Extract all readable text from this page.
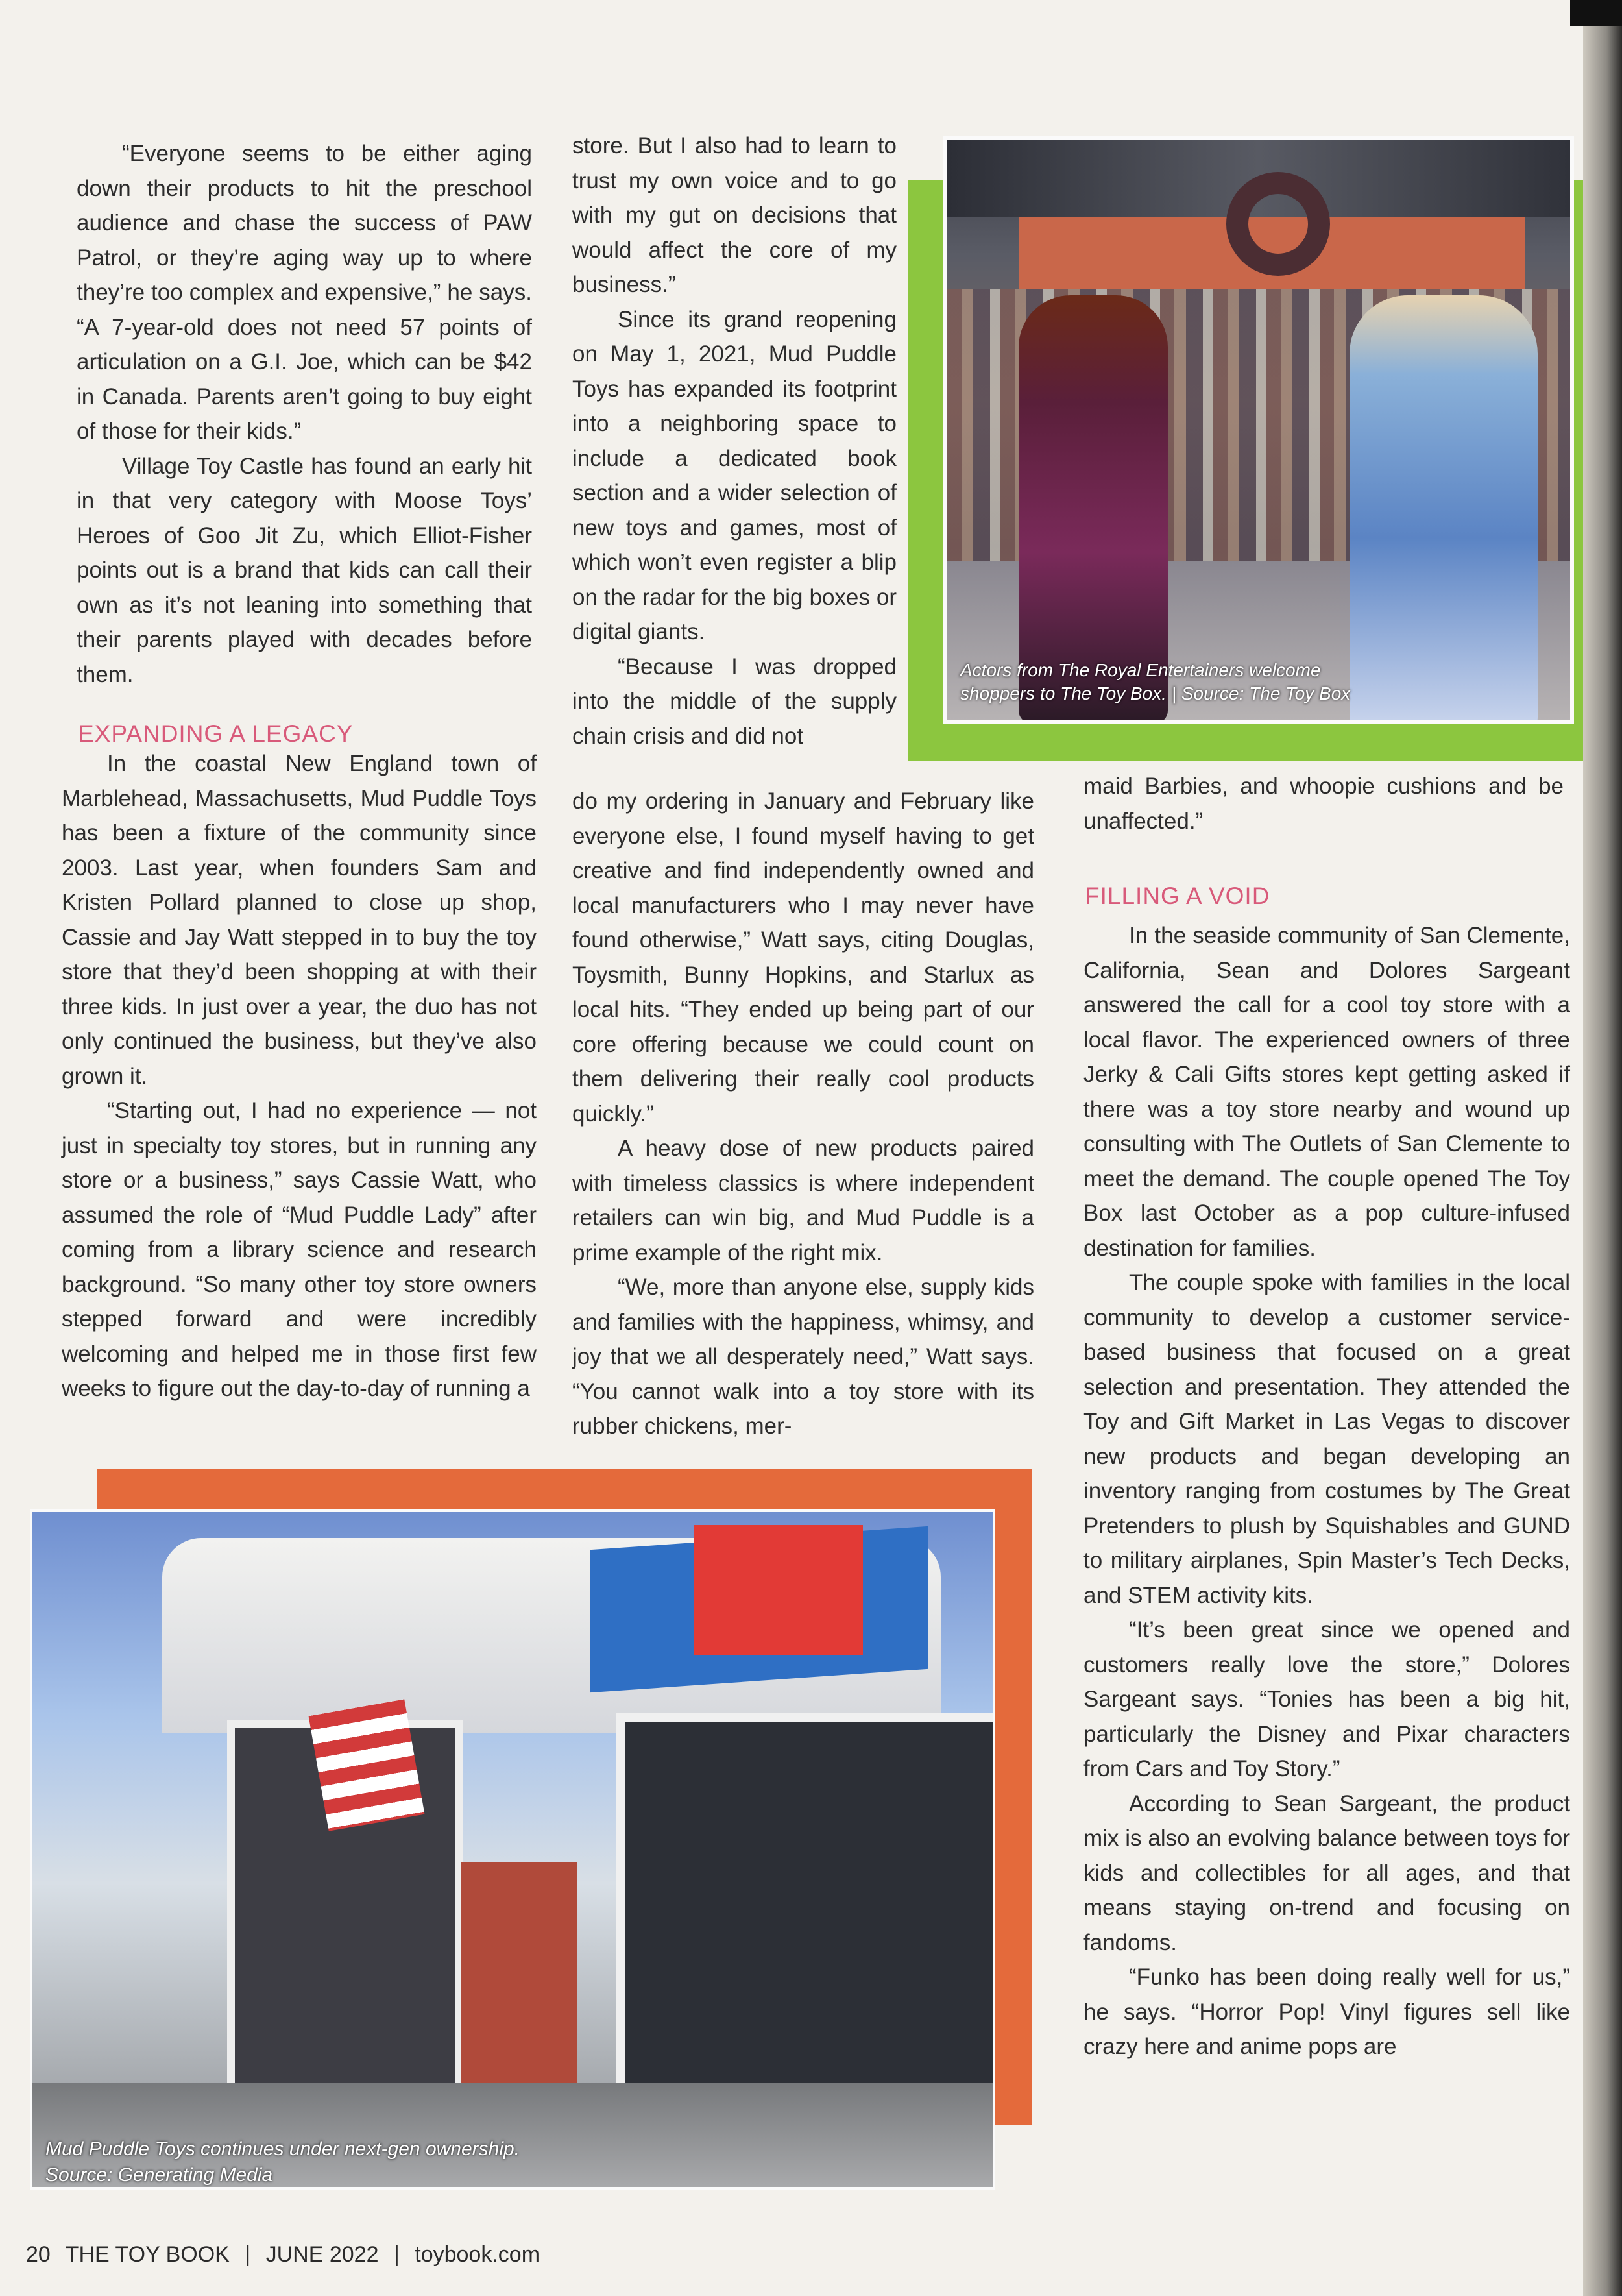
“Everyone seems to be either aging down their products to hit the preschool audience and chase the success of PAW Patrol, or they’re aging way up to where they’re too complex and expensive,” he says. “A 7-year-old does not need 57 points of articulation on a G.I. Joe, which can be $42 in Canada. Parents aren’t going to buy eight of those for their kids.”

Village Toy Castle has found an early hit in that very category with Moose Toys’ Heroes of Goo Jit Zu, which Elliot-Fisher points out is a brand that kids can call their own as it’s not leaning into something that their parents played with decades before them.

EXPANDING A LEGACY

In the coastal New England town of Marblehead, Massachusetts, Mud Puddle Toys has been a fixture of the community since 2003. Last year, when founders Sam and Kristen Pollard planned to close up shop, Cassie and Jay Watt stepped in to buy the toy store that they’d been shopping at with their three kids. In just over a year, the duo has not only continued the business, but they’ve also grown it.

“Starting out, I had no experience — not just in specialty toy stores, but in running any store or a business,” says Cassie Watt, who assumed the role of “Mud Puddle Lady” after coming from a library science and research background. “So many other toy store owners stepped forward and were incredibly welcoming and helped me in those first few weeks to figure out the day-to-day of running a

store. But I also had to learn to trust my own voice and to go with my gut on decisions that would affect the core of my business.”

Since its grand reopening on May 1, 2021, Mud Puddle Toys has expanded its footprint into a neighboring space to include a dedicated book section and a wider selection of new toys and games, most of which won’t even register a blip on the radar for the big boxes or digital giants.

“Because I was dropped into the middle of the supply chain crisis and did not

do my ordering in January and February like everyone else, I found myself having to get creative and find independently owned and local manufacturers who I may never have found otherwise,” Watt says, citing Douglas, Toysmith, Bunny Hopkins, and Starlux as local hits. “They ended up being part of our core offering because we could count on them delivering their really cool products quickly.”

A heavy dose of new products paired with timeless classics is where independent retailers can win big, and Mud Puddle is a prime example of the right mix.

“We, more than anyone else, supply kids and families with the happiness, whimsy, and joy that we all desperately need,” Watt says. “You cannot walk into a toy store with its rubber chickens, mer-

maid Barbies, and whoopie cushions and be unaffected.”

FILLING A VOID

In the seaside community of San Clemente, California, Sean and Dolores Sargeant answered the call for a cool toy store with a local flavor. The experienced owners of three Jerky & Cali Gifts stores kept getting asked if there was a toy store nearby and wound up consulting with The Outlets of San Clemente to meet the demand. The couple opened The Toy Box last October as a pop culture-infused destination for families.

The couple spoke with families in the local community to develop a customer service-based business that focused on a great selection and presentation. They attended the Toy and Gift Market in Las Vegas to discover new products and began developing an inventory ranging from costumes by The Great Pretenders to plush by Squishables and GUND to military airplanes, Spin Master’s Tech Decks, and STEM activity kits.

“It’s been great since we opened and customers really love the store,” Dolores Sargeant says. “Tonies has been a big hit, particularly the Disney and Pixar characters from Cars and Toy Story.”

According to Sean Sargeant, the product mix is also an evolving balance between toys for kids and collectibles for all ages, and that means staying on-trend and focusing on fandoms.

“Funko has been doing really well for us,” he says. “Horror Pop! Vinyl figures sell like crazy here and anime pops are

Actors from The Royal Entertainers welcome
shoppers to The Toy Box. | Source: The Toy Box
Mud Puddle Toys continues under next-gen ownership.
Source: Generating Media
20 THE TOY BOOK | JUNE 2022 | toybook.com
